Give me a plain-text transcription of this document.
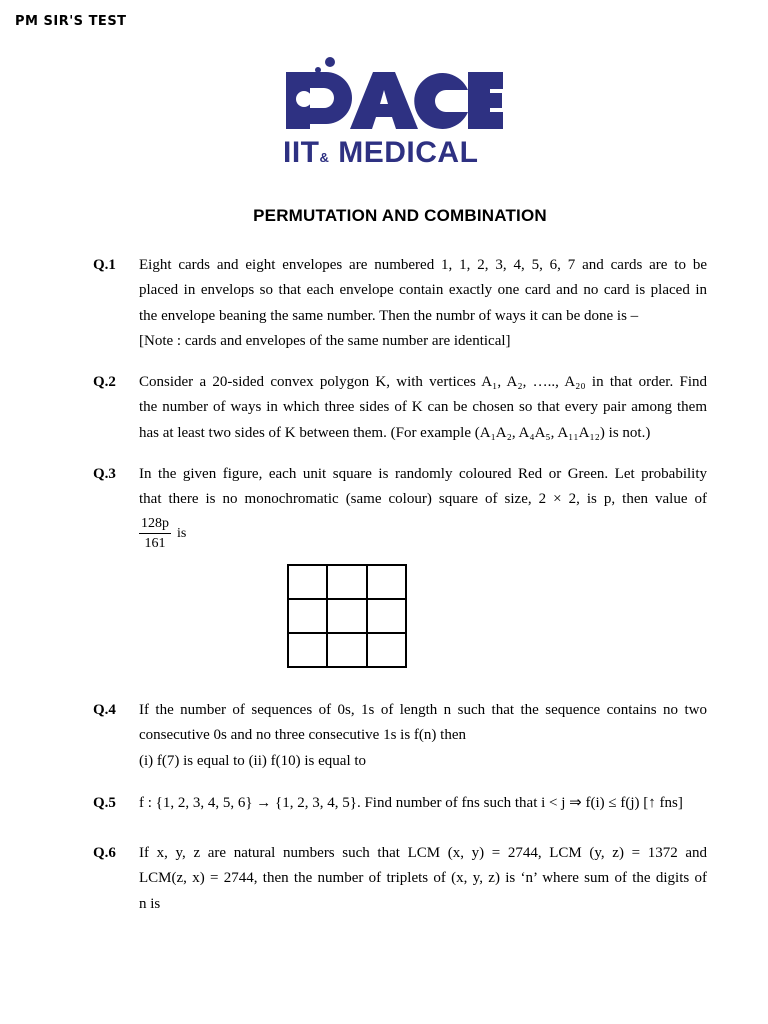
PM SIR'S TEST
IIT& MEDICAL
PERMUTATION AND COMBINATION
Q.1 Eight cards and eight envelopes are numbered 1, 1, 2, 3, 4, 5, 6, 7 and cards are to be
placed in envelops so that each envelope contain exactly one card and no card is placed in
the envelope beaning the same number. Then the numbr of ways it can be done is –
[Note : cards and envelopes of the same number are identical]
Q.2 Consider a 20-sided convex polygon K, with vertices A₁, A₂, ….., A₂₀ in that order. Find
the number of ways in which three sides of K can be chosen so that every pair among them
has at least two sides of K between them. (For example (A₁A₂, A₄A₅, A₁₁A₁₂) is not.)
Q.3 In the given figure, each unit square is randomly coloured Red or Green. Let probability
that there is no monochromatic (same colour) square of size, 2 × 2, is p, then value of
$\frac{128p}{161}$ is
Q.4 If the number of sequences of 0s, 1s of length n such that the sequence contains no two
consecutive 0s and no three consecutive 1s is f(n) then
(i) f(7) is equal to (ii) f(10) is equal to
Q.5 f : {1, 2, 3, 4, 5, 6} → {1, 2, 3, 4, 5}. Find number of fns such that i < j ⇒ f(i) ≤ f(j) [↑ fns]
Q.6 If x, y, z are natural numbers such that LCM (x, y) = 2744, LCM (y, z) = 1372 and
LCM(z, x) = 2744, then the number of triplets of (x, y, z) is ‘n’ where sum of the digits of
n is
